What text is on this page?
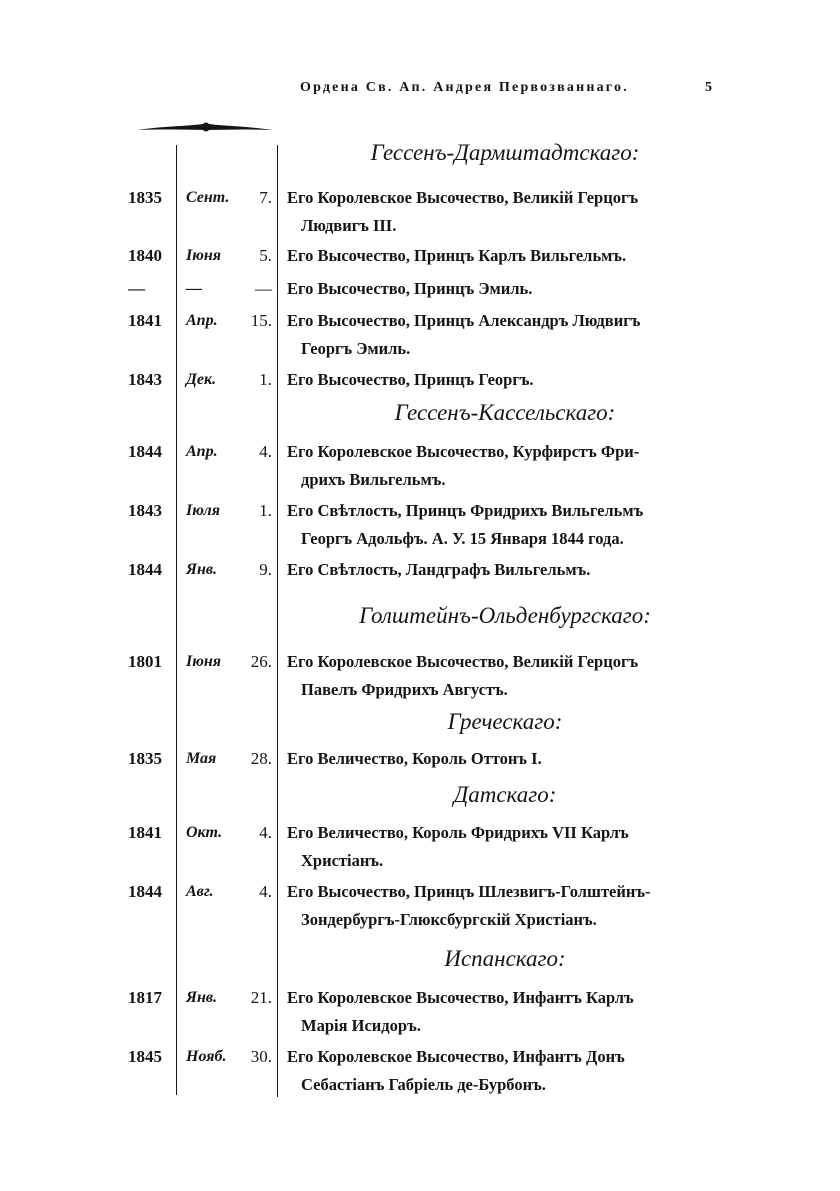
Ордена Св. Ап. Андрея Первозваннаго.	5
Гессенъ-Дармштадтскаго:
1835	Сент.	7. Его Королевское Высочество, Великій Герцогъ
Людвигъ III.
1840	Іюня	5. Его Высочество, Принцъ Карлъ Вильгельмъ.
—	—	— Его Высочество, Принцъ Эмиль.
1841	Апр.	15. Его Высочество, Принцъ Александръ Людвигъ
Георгъ Эмиль.
1843	Дек.	1. Его Высочество, Принцъ Георгъ.
Гессенъ-Кассельскаго:
1844	Апр.	4. Его Королевское Высочество, Курфирстъ Фри-
дрихъ Вильгельмъ.
1843	Іюля	1. Его Свѣтлость, Принцъ Фридрихъ Вильгельмъ
Георгъ Адольфъ. А. У. 15 Января 1844 года.
1844	Янв.	9. Его Свѣтлость, Ландграфъ Вильгельмъ.
Голштейнъ-Ольденбургскаго:
1801	Іюня	26. Его Королевское Высочество, Великій Герцогъ
Павелъ Фридрихъ Августъ.
Греческаго:
1835	Мая	28. Его Величество, Король Оттонъ I.
Датскаго:
1841	Окт.	4. Его Величество, Король Фридрихъ VII Карлъ
Христіанъ.
1844	Авг.	4. Его Высочество, Принцъ Шлезвигъ-Голштейнъ-
Зондербургъ-Глюксбургскій Христіанъ.
Испанскаго:
1817	Янв.	21. Его Королевское Высочество, Инфантъ Карлъ
Марія Исидоръ.
1845	Нояб.	30. Его Королевское Высочество, Инфантъ Донъ
Себастіанъ Габріель де-Бурбонъ.
